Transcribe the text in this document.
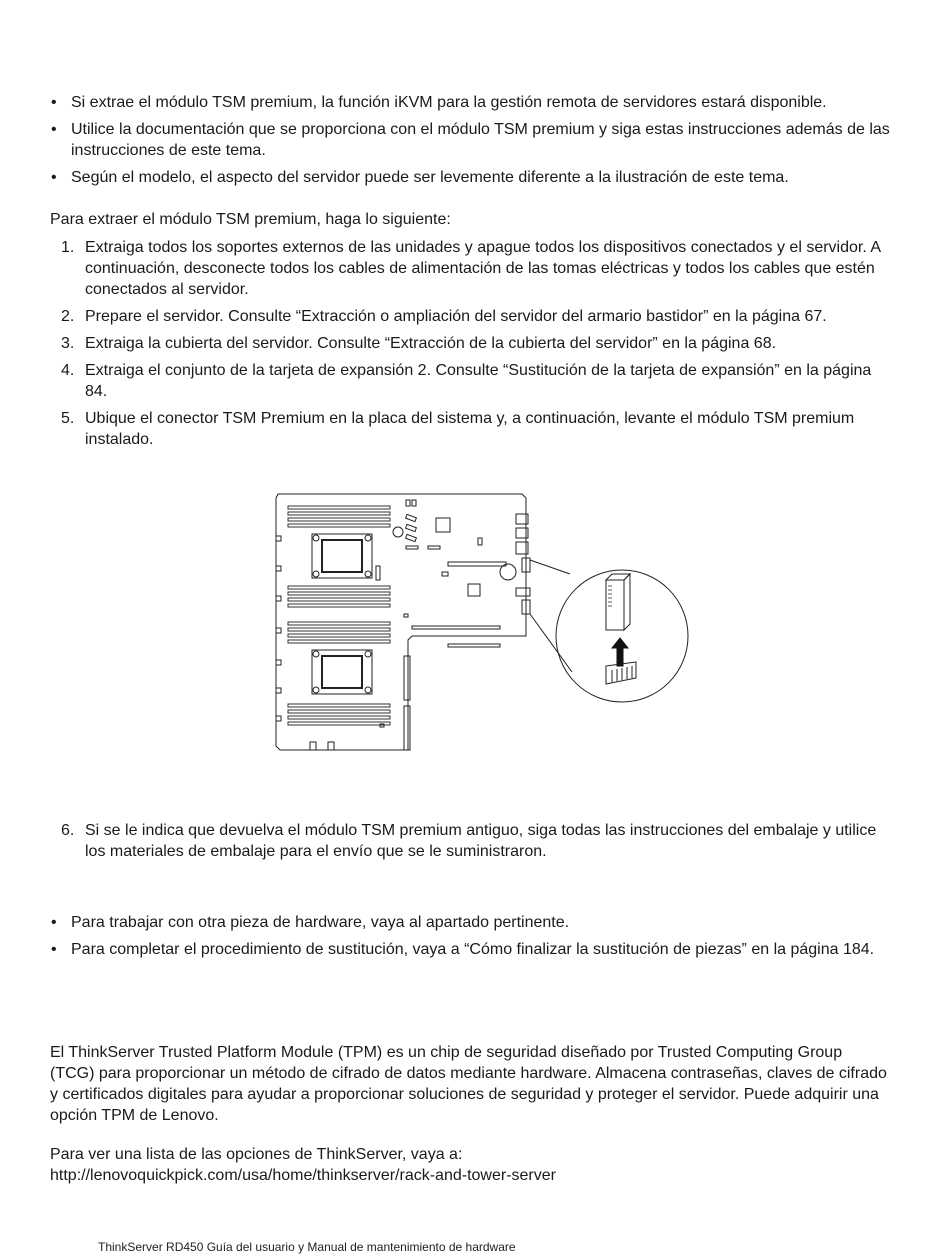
• Si extrae el módulo TSM premium, la función iKVM para la gestión remota de servidores estará disponible.
• Utilice la documentación que se proporciona con el módulo TSM premium y siga estas instrucciones además de las instrucciones de este tema.
• Según el modelo, el aspecto del servidor puede ser levemente diferente a la ilustración de este tema.

Para extraer el módulo TSM premium, haga lo siguiente:

1. Extraiga todos los soportes externos de las unidades y apague todos los dispositivos conectados y el servidor. A continuación, desconecte todos los cables de alimentación de las tomas eléctricas y todos los cables que estén conectados al servidor.
2. Prepare el servidor. Consulte “Extracción o ampliación del servidor del armario bastidor” en la página 67.
3. Extraiga la cubierta del servidor. Consulte “Extracción de la cubierta del servidor” en la página 68.
4. Extraiga el conjunto de la tarjeta de expansión 2. Consulte “Sustitución de la tarjeta de expansión” en la página 84.
5. Ubique el conector TSM Premium en la placa del sistema y, a continuación, levante el módulo TSM premium instalado.
6. Si se le indica que devuelva el módulo TSM premium antiguo, siga todas las instrucciones del embalaje y utilice los materiales de embalaje para el envío que se le suministraron.
• Para trabajar con otra pieza de hardware, vaya al apartado pertinente.
• Para completar el procedimiento de sustitución, vaya a “Cómo finalizar la sustitución de piezas” en la página 184.

El ThinkServer Trusted Platform Module (TPM) es un chip de seguridad diseñado por Trusted Computing Group (TCG) para proporcionar un método de cifrado de datos mediante hardware. Almacena contraseñas, claves de cifrado y certificados digitales para ayudar a proporcionar soluciones de seguridad y proteger el servidor. Puede adquirir una opción TPM de Lenovo.

Para ver una lista de las opciones de ThinkServer, vaya a:
http://lenovoquickpick.com/usa/home/thinkserver/rack-and-tower-server

ThinkServer RD450 Guía del usuario y Manual de mantenimiento de hardware
